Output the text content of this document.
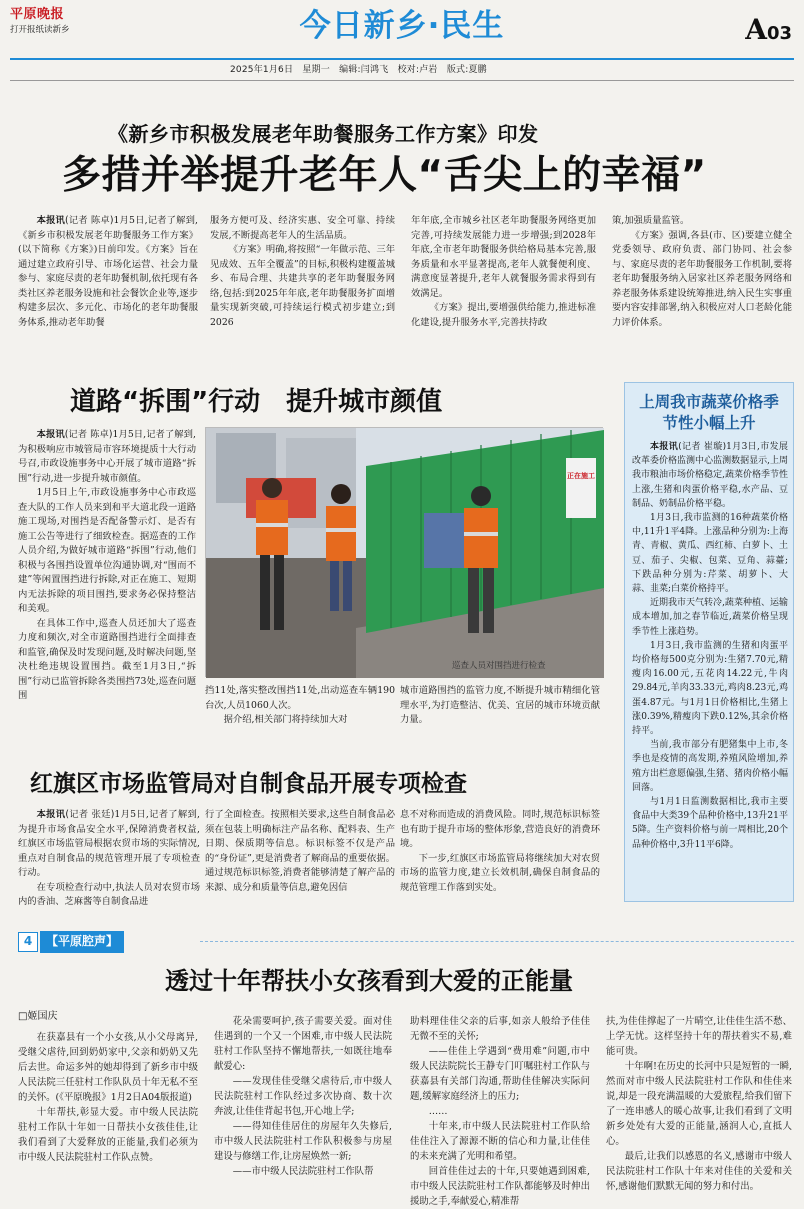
平原晚报
打开报纸读新乡	今日新乡·民生	A03
2025年1月6日　星期一　编辑:闫鸿飞　校对:卢岩　版式:夏鹏
《新乡市积极发展老年助餐服务工作方案》印发
多措并举提升老年人“舌尖上的幸福”

本报讯(记者 陈卓)1月5日,记者了解到,《新乡市积极发展老年助餐服务工作方案》(以下简称《方案》)日前印发。《方案》旨在通过建立政府引导、市场化运营、社会力量参与、家庭尽责的老年助餐机制,依托现有各类社区养老服务设施和社会餐饮企业等,逐步构建多层次、多元化、市场化的老年助餐服务体系,推动老年助餐

服务方便可及、经济实惠、安全可靠、持续发展,不断提高老年人的生活品质。

《方案》明确,将按照“一年做示范、三年见成效、五年全覆盖”的目标,积极构建覆盖城乡、布局合理、共建共享的老年助餐服务网络,包括:到2025年年底,老年助餐服务扩面增量实现新突破,可持续运行模式初步建立;到2026

年年底,全市城乡社区老年助餐服务网络更加完善,可持续发展能力进一步增强;到2028年年底,全市老年助餐服务供给格局基本完善,服务质量和水平显著提高,老年人就餐便利度、满意度显著提升,老年人就餐服务需求得到有效满足。

《方案》提出,要增强供给能力,推进标准化建设,提升服务水平,完善扶持政

策,加强质量监管。

《方案》强调,各县(市、区)要建立健全党委领导、政府负责、部门协同、社会参与、家庭尽责的老年助餐服务工作机制,要将老年助餐服务纳入居家社区养老服务网络和养老服务体系建设统筹推进,纳入民生实事重要内容安排部署,纳入积极应对人口老龄化能力评价体系。

道路“拆围”行动　提升城市颜值

本报讯(记者 陈卓)1月5日,记者了解到,为积极响应市城管局市容环境提质十大行动号召,市政设施事务中心开展了城市道路“拆围”行动,进一步提升城市颜值。

1月5日上午,市政设施事务中心市政巡查大队的工作人员来到和平大道北段一道路施工现场,对围挡是否配备警示灯、是否有施工公告等进行了细致检查。据巡查的工作人员介绍,为做好城市道路“拆围”行动,他们积极与各围挡设置单位沟通协调,对“围而不建”等闲置围挡进行拆除,对正在施工、短期内无法拆除的项目围挡,要求务必保持整洁和美观。

在具体工作中,巡查人员还加大了巡查力度和频次,对全市道路围挡进行全面排查和监管,确保及时发现问题,及时解决问题,坚决杜绝违规设置围挡。截至1月3日,“拆围”行动已监管拆除各类围挡73处,巡查问题围

正在施工
巡查人员对围挡进行检查

挡11处,落实整改围挡11处,出动巡查车辆190台次,人员1060人次。

据介绍,相关部门将持续加大对

城市道路围挡的监管力度,不断提升城市精细化管理水平,为打造整洁、优美、宜居的城市环境贡献力量。

上周我市蔬菜价格季节性小幅上升

本报讯(记者 崔璇)1月3日,市发展改革委价格监测中心监测数据显示,上周我市粮油市场价格稳定,蔬菜价格季节性上涨,生猪和肉蛋价格平稳,水产品、豆制品、奶制品价格平稳。

1月3日,我市监测的16种蔬菜价格中,11升1平4降。上涨品种分别为:上海青、青椒、黄瓜、西红柿、白萝卜、土豆、茄子、尖椒、包菜、豆角、蒜薹;下跌品种分别为:芹菜、胡萝卜、大蒜、韭菜;白菜价格持平。

近期我市天气转冷,蔬菜种植、运输成本增加,加之春节临近,蔬菜价格呈现季节性上涨趋势。

1月3日,我市监测的生猪和肉蛋平均价格每500克分别为:生猪7.70元,精瘦肉16.00元,五花肉14.22元,牛肉29.84元,羊肉33.33元,鸡肉8.23元,鸡蛋4.87元。与1月1日价格相比,生猪上涨0.39%,精瘦肉下跌0.12%,其余价格持平。

当前,我市部分有肥猪集中上市,冬季也是疫情的高发期,养殖风险增加,养殖方出栏意愿偏强,生猪、猪肉价格小幅回落。

与1月1日监测数据相比,我市主要食品中大类39个品种价格中,13升21平5降。生产资料价格与前一周相比,20个品种价格中,3升11平6降。

红旗区市场监管局对自制食品开展专项检查

本报讯(记者 张廷)1月5日,记者了解到,为提升市场食品安全水平,保障消费者权益,红旗区市场监管局根据农贸市场的实际情况,重点对自制食品的规范管理开展了专项检查行动。

在专项检查行动中,执法人员对农贸市场内的香油、芝麻酱等自制食品进

行了全面检查。按照相关要求,这些自制食品必须在包装上明确标注产品名称、配料表、生产日期、保质期等信息。标识标签不仅是产品的“身份证”,更是消费者了解商品的重要依据。通过规范标识标签,消费者能够清楚了解产品的来源、成分和质量等信息,避免因信

息不对称而造成的消费风险。同时,规范标识标签也有助于提升市场的整体形象,营造良好的消费环境。

下一步,红旗区市场监管局将继续加大对农贸市场的监管力度,建立长效机制,确保自制食品的规范管理工作落到实处。

4	【平原腔声】
透过十年帮扶小女孩看到大爱的正能量
□姬国庆

在获嘉县有一个小女孩,从小父母离异,受继父虐待,回到奶奶家中,父亲和奶奶又先后去世。命运多舛的她却得到了新乡市中级人民法院三任驻村工作队队员十年无私不至的关怀。(《平原晚报》1月2日A04版报道)

十年帮扶,彰显大爱。市中级人民法院驻村工作队十年如一日帮扶小女孩佳佳,让我们看到了大爱释放的正能量,我们必须为市中级人民法院驻村工作队点赞。

花朵需要呵护,孩子需要关爱。面对佳佳遇到的一个又一个困难,市中级人民法院驻村工作队坚持不懈地帮扶,一如既往地奉献爱心:

——发现佳佳受继父虐待后,市中级人民法院驻村工作队经过多次协商、数十次奔波,让佳佳背起书包,开心地上学;

——得知佳佳居住的房屋年久失修后,市中级人民法院驻村工作队积极参与房屋建设与修缮工作,让房屋焕然一新;

——市中级人民法院驻村工作队帮

助料理佳佳父亲的后事,如亲人般给予佳佳无微不至的关怀;

——佳佳上学遇到“费用难”问题,市中级人民法院院长王静专门叮嘱驻村工作队与获嘉县有关部门沟通,帮助佳佳解决实际问题,缓解家庭经济上的压力;

……

十年来,市中级人民法院驻村工作队给佳佳注入了源源不断的信心和力量,让佳佳的未来充满了光明和希望。

回首佳佳过去的十年,只要她遇到困难,市中级人民法院驻村工作队都能够及时伸出援助之手,奉献爱心,精准帮

扶,为佳佳撑起了一片晴空,让佳佳生活不愁、上学无忧。这样坚持十年的帮扶着实不易,难能可贵。

十年啊!在历史的长河中只是短暂的一瞬,然而对市中级人民法院驻村工作队和佳佳来说,却是一段充满温暖的大爱旅程,给我们留下了一连串感人的暖心故事,让我们看到了文明新乡处处有大爱的正能量,涵润人心,直抵人心。

最后,让我们以感恩的名义,感谢市中级人民法院驻村工作队十年来对佳佳的关爱和关怀,感谢他们默默无闻的努力和付出。
